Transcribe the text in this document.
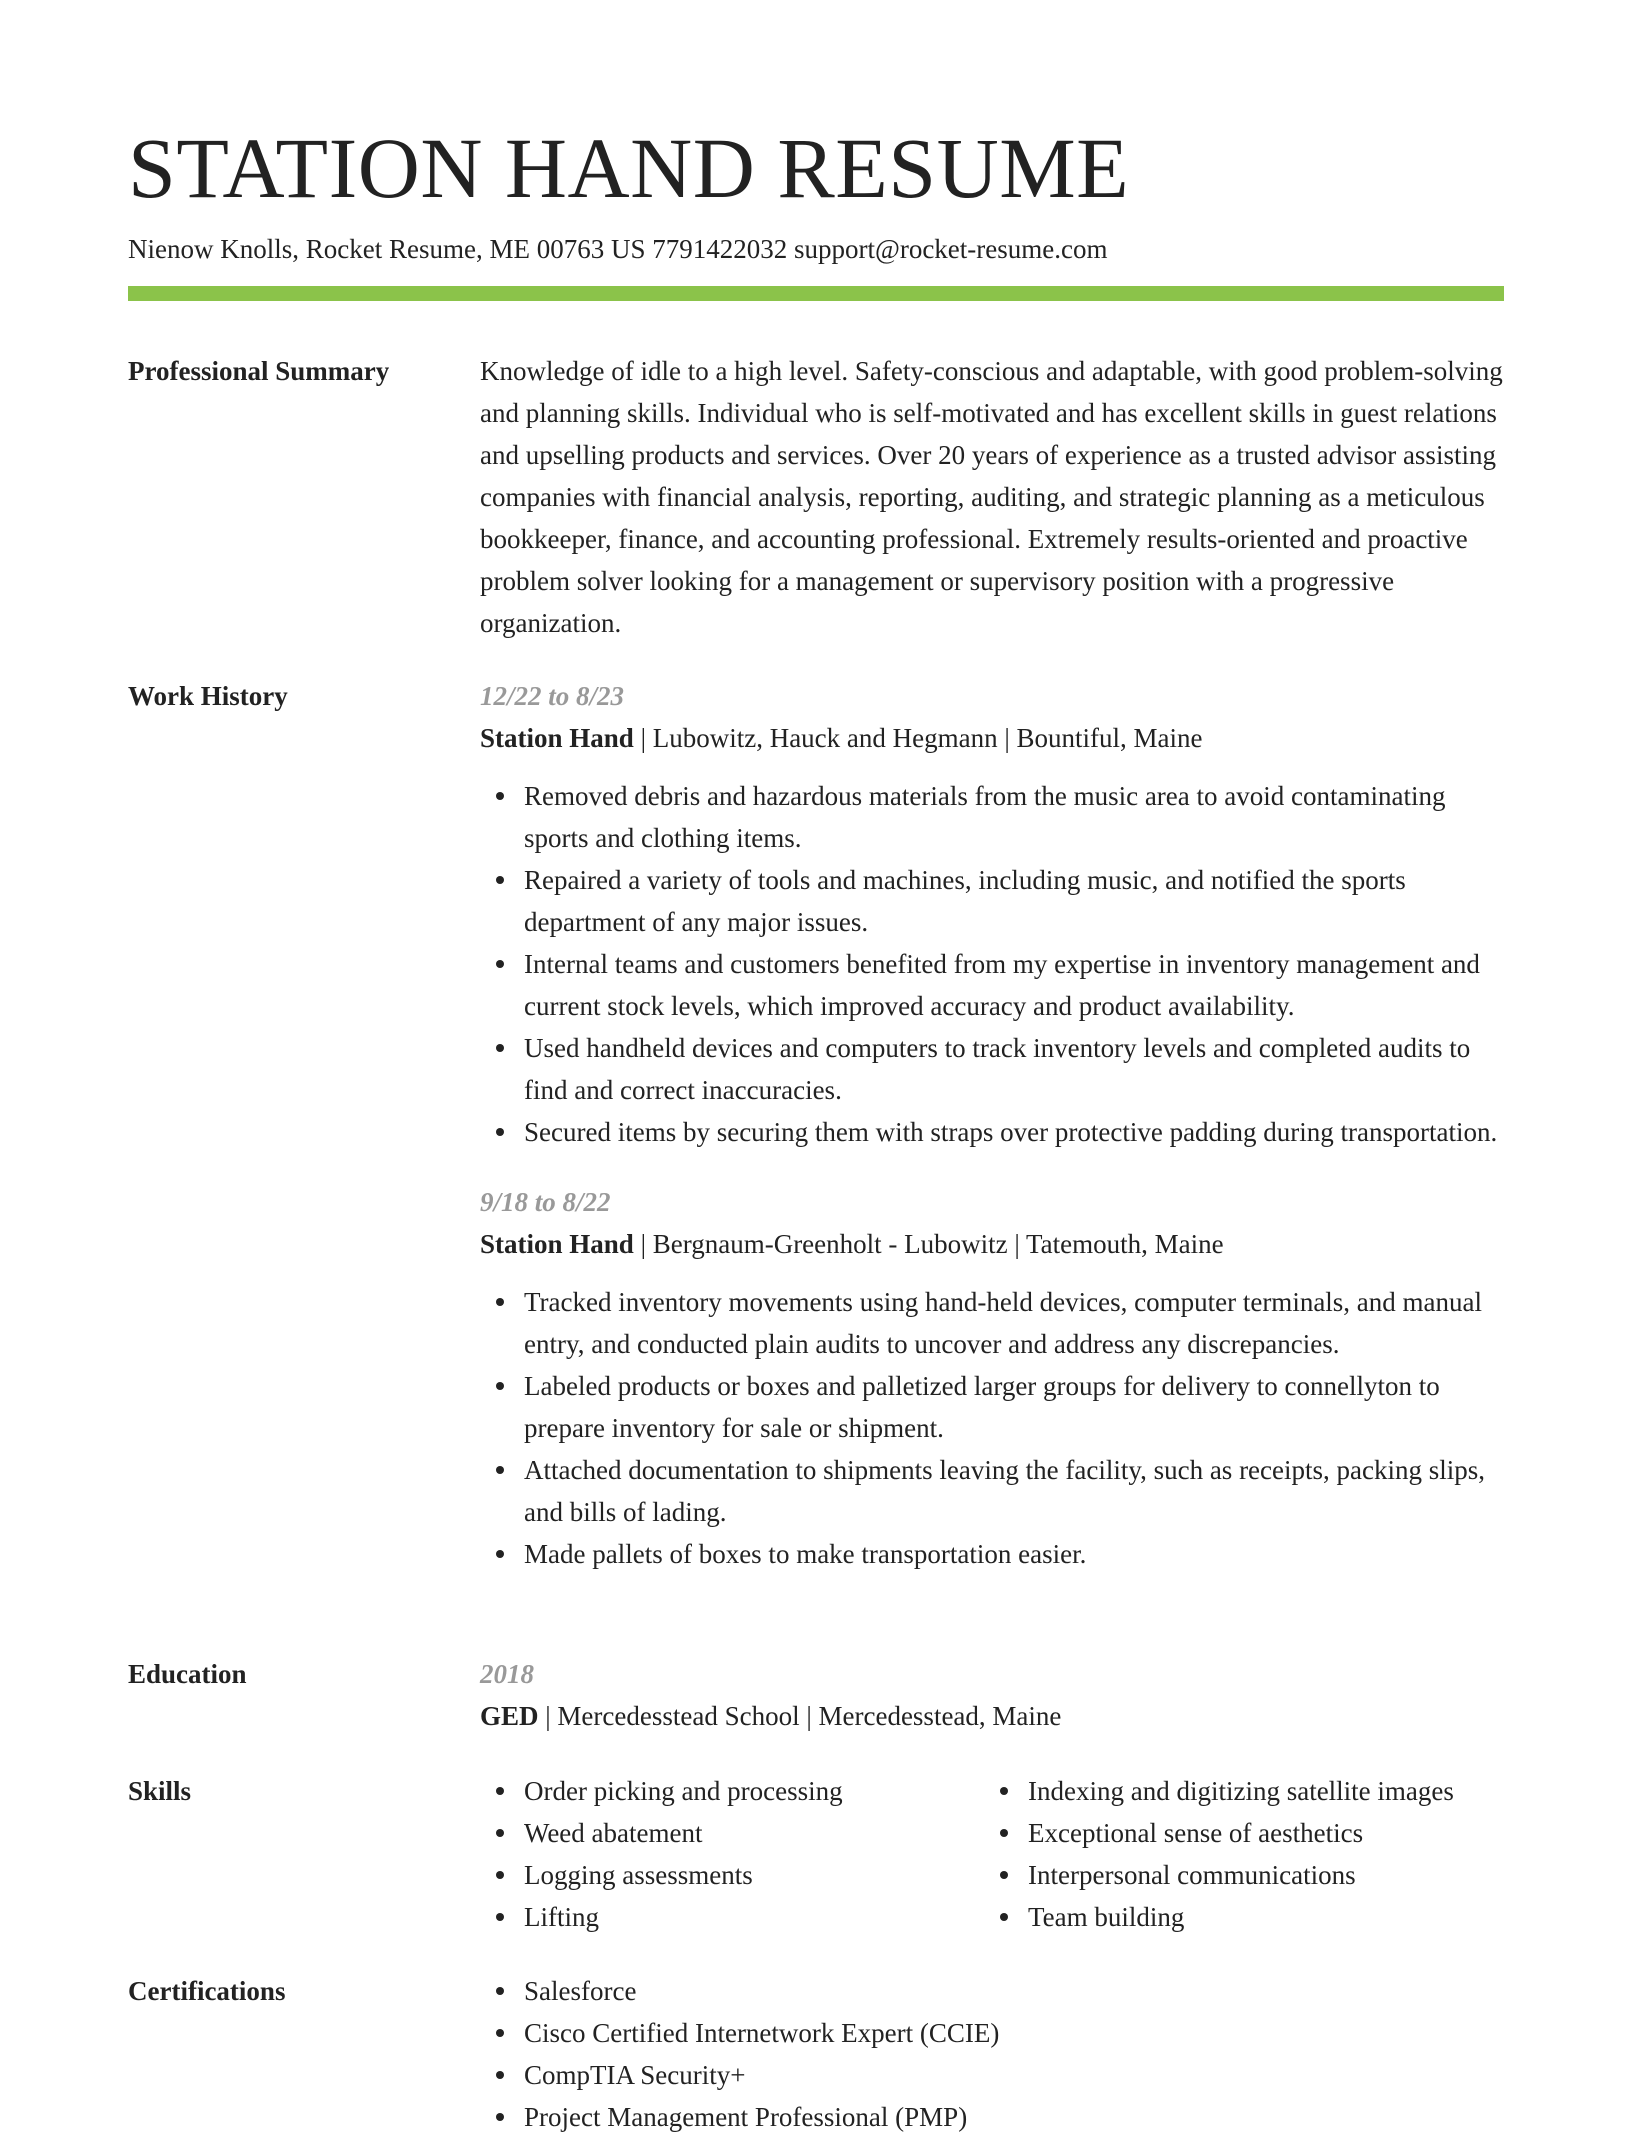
STATION HAND RESUME
Nienow Knolls, Rocket Resume, ME 00763 US 7791422032 support@rocket-resume.com
Professional Summary	Knowledge of idle to a high level. Safety-conscious and adaptable, with good problem-solving and planning skills. Individual who is self-motivated and has excellent skills in guest relations and upselling products and services. Over 20 years of experience as a trusted advisor assisting companies with financial analysis, reporting, auditing, and strategic planning as a meticulous bookkeeper, finance, and accounting professional. Extremely results-oriented and proactive problem solver looking for a management or supervisory position with a progressive organization.

Work History	12/22 to 8/23
Station Hand | Lubowitz, Hauck and Hegmann | Bountiful, Maine
Removed debris and hazardous materials from the music area to avoid contaminating sports and clothing items.
Repaired a variety of tools and machines, including music, and notified the sports department of any major issues.
Internal teams and customers benefited from my expertise in inventory management and current stock levels, which improved accuracy and product availability.
Used handheld devices and computers to track inventory levels and completed audits to find and correct inaccuracies.
Secured items by securing them with straps over protective padding during transportation.
9/18 to 8/22
Station Hand | Bergnaum-Greenholt - Lubowitz | Tatemouth, Maine
Tracked inventory movements using hand-held devices, computer terminals, and manual entry, and conducted plain audits to uncover and address any discrepancies.
Labeled products or boxes and palletized larger groups for delivery to connellyton to prepare inventory for sale or shipment.
Attached documentation to shipments leaving the facility, such as receipts, packing slips, and bills of lading.
Made pallets of boxes to make transportation easier.
Education	2018
GED | Mercedesstead School | Mercedesstead, Maine
Skills	Order picking and processing
Weed abatement
Logging assessments
Lifting
Indexing and digitizing satellite images
Exceptional sense of aesthetics
Interpersonal communications
Team building
Certifications	Salesforce
Cisco Certified Internetwork Expert (CCIE)
CompTIA Security+
Project Management Professional (PMP)
